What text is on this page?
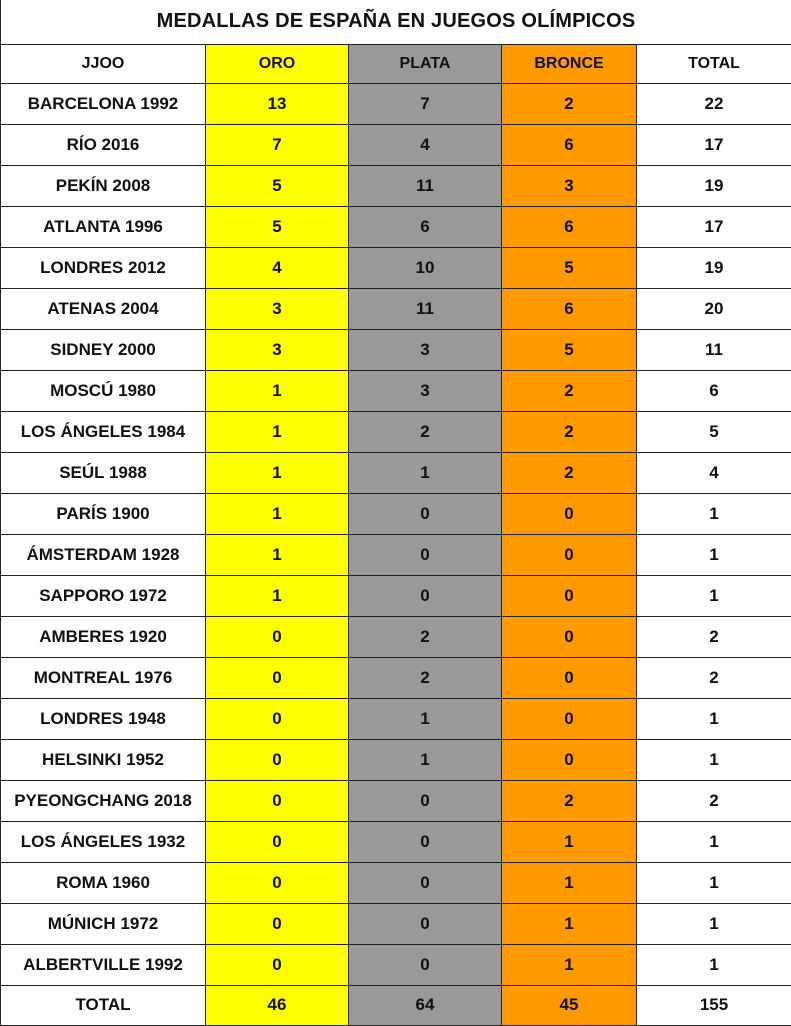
MEDALLAS DE ESPAÑA EN JUEGOS OLÍMPICOS				
JJOO	ORO	PLATA	BRONCE	TOTAL
BARCELONA 1992	13	7	2	22
RÍO 2016	7	4	6	17
PEKÍN 2008	5	11	3	19
ATLANTA 1996	5	6	6	17
LONDRES 2012	4	10	5	19
ATENAS 2004	3	11	6	20
SIDNEY 2000	3	3	5	11
MOSCÚ 1980	1	3	2	6
LOS ÁNGELES 1984	1	2	2	5
SEÚL 1988	1	1	2	4
PARÍS 1900	1	0	0	1
ÁMSTERDAM 1928	1	0	0	1
SAPPORO 1972	1	0	0	1
AMBERES 1920	0	2	0	2
MONTREAL 1976	0	2	0	2
LONDRES 1948	0	1	0	1
HELSINKI 1952	0	1	0	1
PYEONGCHANG 2018	0	0	2	2
LOS ÁNGELES 1932	0	0	1	1
ROMA 1960	0	0	1	1
MÚNICH 1972	0	0	1	1
ALBERTVILLE 1992	0	0	1	1
TOTAL	46	64	45	155
